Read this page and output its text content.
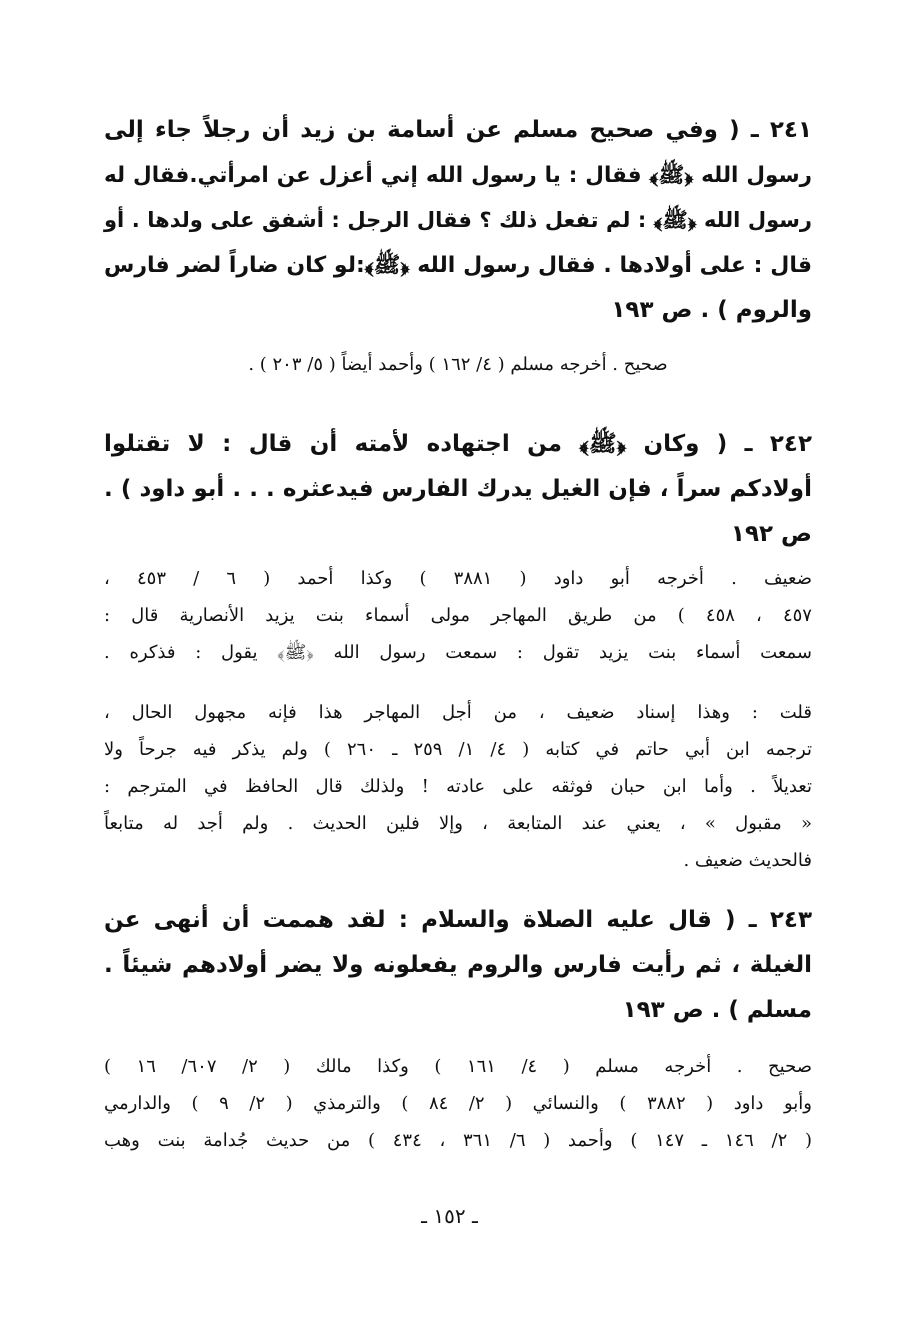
٢٤١ ـ ( وفي صحيح مسلم عن أسامة بن زيد أن رجلاً جاء إلى
رسول الله ﴿ﷺ﴾ فقال : يا رسول الله إني أعزل عن امرأتي.فقال له
رسول الله ﴿ﷺ﴾ : لم تفعل ذلك ؟ فقال الرجل : أشفق على ولدها . أو
قال : على أولادها . فقال رسول الله ﴿ﷺ﴾:لو كان ضاراً لضر فارس
والروم ) . ص ١٩٣
صحيح . أخرجه مسلم ( ٤/ ١٦٢ ) وأحمد أيضاً ( ٥/ ٢٠٣ ) .
٢٤٢ ـ ( وكان ﴿ﷺ﴾ من اجتهاده لأمته أن قال : لا تقتلوا
أولادكم سراً ، فإن الغيل يدرك الفارس فيدعثره . . . أبو داود ) .
ص ١٩٢
ضعيف . أخرجه أبو داود ( ٣٨٨١ ) وكذا أحمد ( ٦ / ٤٥٣ ،
٤٥٧ ، ٤٥٨ ) من طريق المهاجر مولى أسماء بنت يزيد الأنصارية قال :
سمعت أسماء بنت يزيد تقول : سمعت رسول الله ﴿ﷺ﴾ يقول : فذكره .
قلت : وهذا إسناد ضعيف ، من أجل المهاجر هذا فإنه مجهول الحال ،
ترجمه ابن أبي حاتم في كتابه ( ٤/ ١/ ٢٥٩ ـ ٢٦٠ ) ولم يذكر فيه جرحاً ولا
تعديلاً . وأما ابن حبان فوثقه على عادته ! ولذلك قال الحافظ في المترجم :
« مقبول » ، يعني عند المتابعة ، وإلا فلين الحديث . ولم أجد له متابعاً
فالحديث ضعيف .
٢٤٣ ـ ( قال عليه الصلاة والسلام : لقد هممت أن أنهى عن
الغيلة ، ثم رأيت فارس والروم يفعلونه ولا يضر أولادهم شيئاً .
مسلم ) . ص ١٩٣
صحيح . أخرجه مسلم ( ٤/ ١٦١ ) وكذا مالك ( ٢/ ٦٠٧/ ١٦ )
وأبو داود ( ٣٨٨٢ ) والنسائي ( ٢/ ٨٤ ) والترمذي ( ٢/ ٩ ) والدارمي
( ٢/ ١٤٦ ـ ١٤٧ ) وأحمد ( ٦/ ٣٦١ ، ٤٣٤ ) من حديث جُدامة بنت وهب
ـ ١٥٢ ـ
